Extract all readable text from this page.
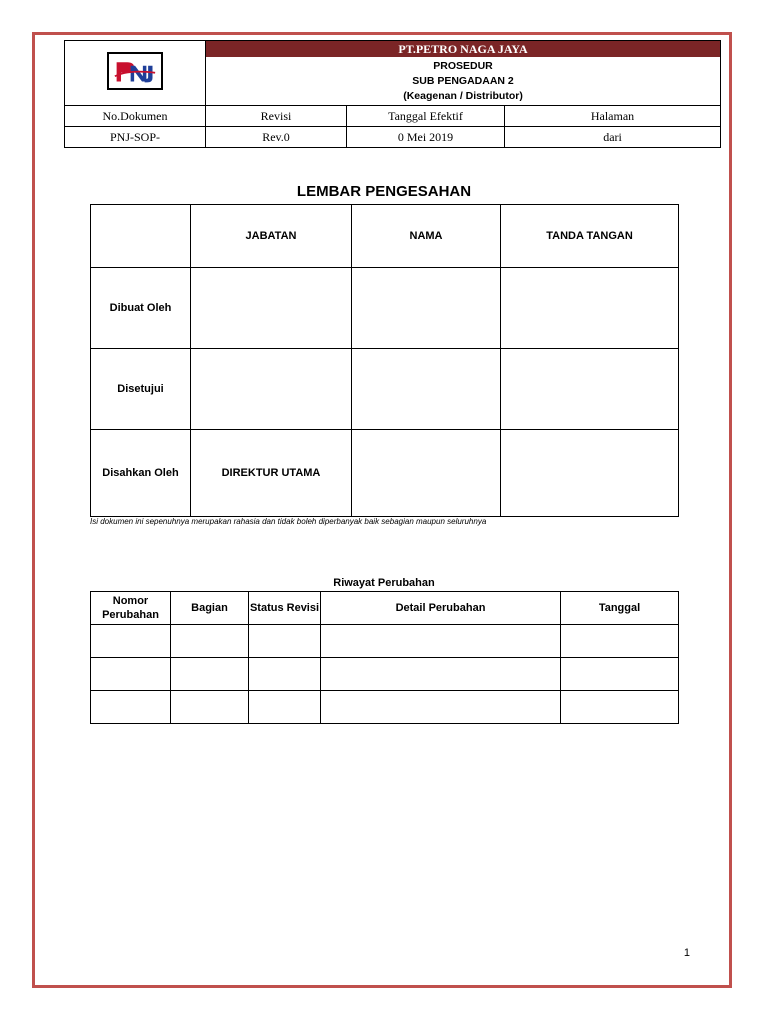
	PT.PETRO NAGA JAYA		

	PROSEDUR
SUB PENGADAAN 2
(Keagenan / Distributor)		

No.Dokumen	Revisi	Tanggal Efektif	Halaman
PNJ-SOP-	Rev.0	0 Mei 2019	dari
LEMBAR PENGESAHAN
	JABATAN	NAMA	TANDA TANGAN
Dibuat Oleh			
Disetujui			
Disahkan Oleh	DIREKTUR UTAMA		
Isi dokumen ini sepenuhnya merupakan rahasia dan tidak boleh diperbanyak baik sebagian maupun seluruhnya
Riwayat Perubahan
Nomor Perubahan	Bagian	Status Revisi	Detail Perubahan	Tanggal

1
